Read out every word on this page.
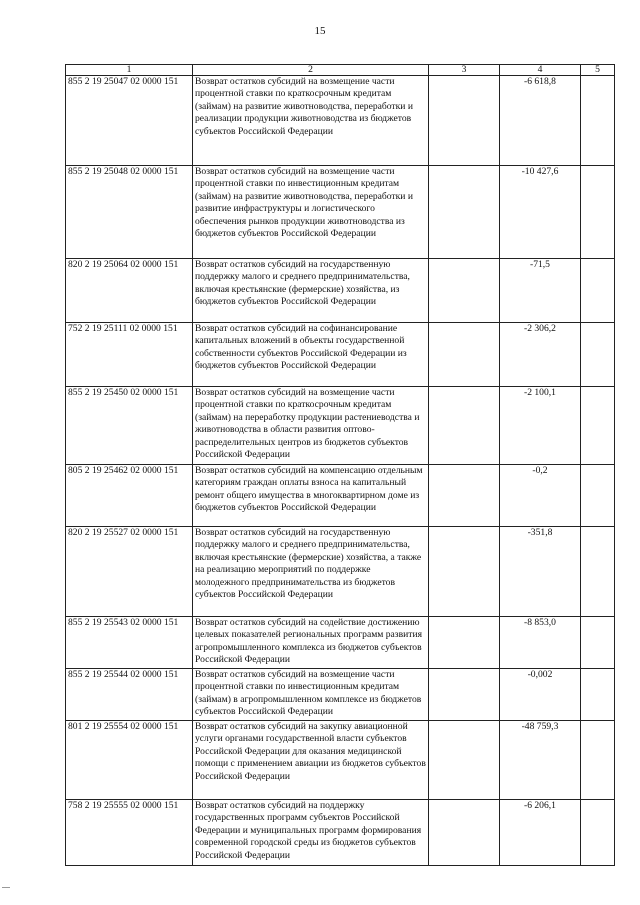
15
1	2	3	4	5
855 2 19 25047 02 0000 151	Возврат остатков субсидий на возмещение части процентной ставки по краткосрочным кредитам (займам) на развитие животноводства, переработки и реализации продукции животноводства из бюджетов субъектов Российской Федерации		-6 618,8	
855 2 19 25048 02 0000 151	Возврат остатков субсидий на возмещение части процентной ставки по инвестиционным кредитам (займам) на развитие животноводства, переработки и развитие инфраструктуры и логистического обеспечения рынков продукции животноводства из бюджетов субъектов Российской Федерации		-10 427,6	
820 2 19 25064 02 0000 151	Возврат остатков субсидий на государственную поддержку малого и среднего предпринимательства, включая крестьянские (фермерские) хозяйства, из бюджетов субъектов Российской Федерации		-71,5	
752 2 19 25111 02 0000 151	Возврат остатков субсидий на софинансирование капитальных вложений в объекты государственной собственности субъектов Российской Федерации из бюджетов субъектов Российской Федерации		-2 306,2	
855 2 19 25450 02 0000 151	Возврат остатков субсидий на возмещение части процентной ставки по краткосрочным кредитам (займам) на переработку продукции растениеводства и животноводства в области развития оптово-распределительных центров из бюджетов субъектов Российской Федерации		-2 100,1	
805 2 19 25462 02 0000 151	Возврат остатков субсидий на компенсацию отдельным категориям граждан оплаты взноса на капитальный ремонт общего имущества в многоквартирном доме из бюджетов субъектов Российской Федерации		-0,2	
820 2 19 25527 02 0000 151	Возврат остатков субсидий на государственную поддержку малого и среднего предпринимательства, включая крестьянские (фермерские) хозяйства, а также на реализацию мероприятий по поддержке молодежного предпринимательства из бюджетов субъектов Российской Федерации		-351,8	
855 2 19 25543 02 0000 151	Возврат остатков субсидий на содействие достижению целевых показателей региональных программ развития агропромышленного комплекса из бюджетов субъектов Российской Федерации		-8 853,0	
855 2 19 25544 02 0000 151	Возврат остатков субсидий на возмещение части процентной ставки по инвестиционным кредитам (займам) в агропромышленном комплексе из бюджетов субъектов Российской Федерации		-0,002	
801 2 19 25554 02 0000 151	Возврат остатков субсидий на закупку авиационной услуги органами государственной власти субъектов Российской Федерации для оказания медицинской помощи с применением авиации из бюджетов субъектов Российской Федерации		-48 759,3	
758 2 19 25555 02 0000 151	Возврат остатков субсидий на поддержку государственных программ субъектов Российской Федерации и муниципальных программ формирования современной городской среды из бюджетов субъектов Российской Федерации		-6 206,1	
